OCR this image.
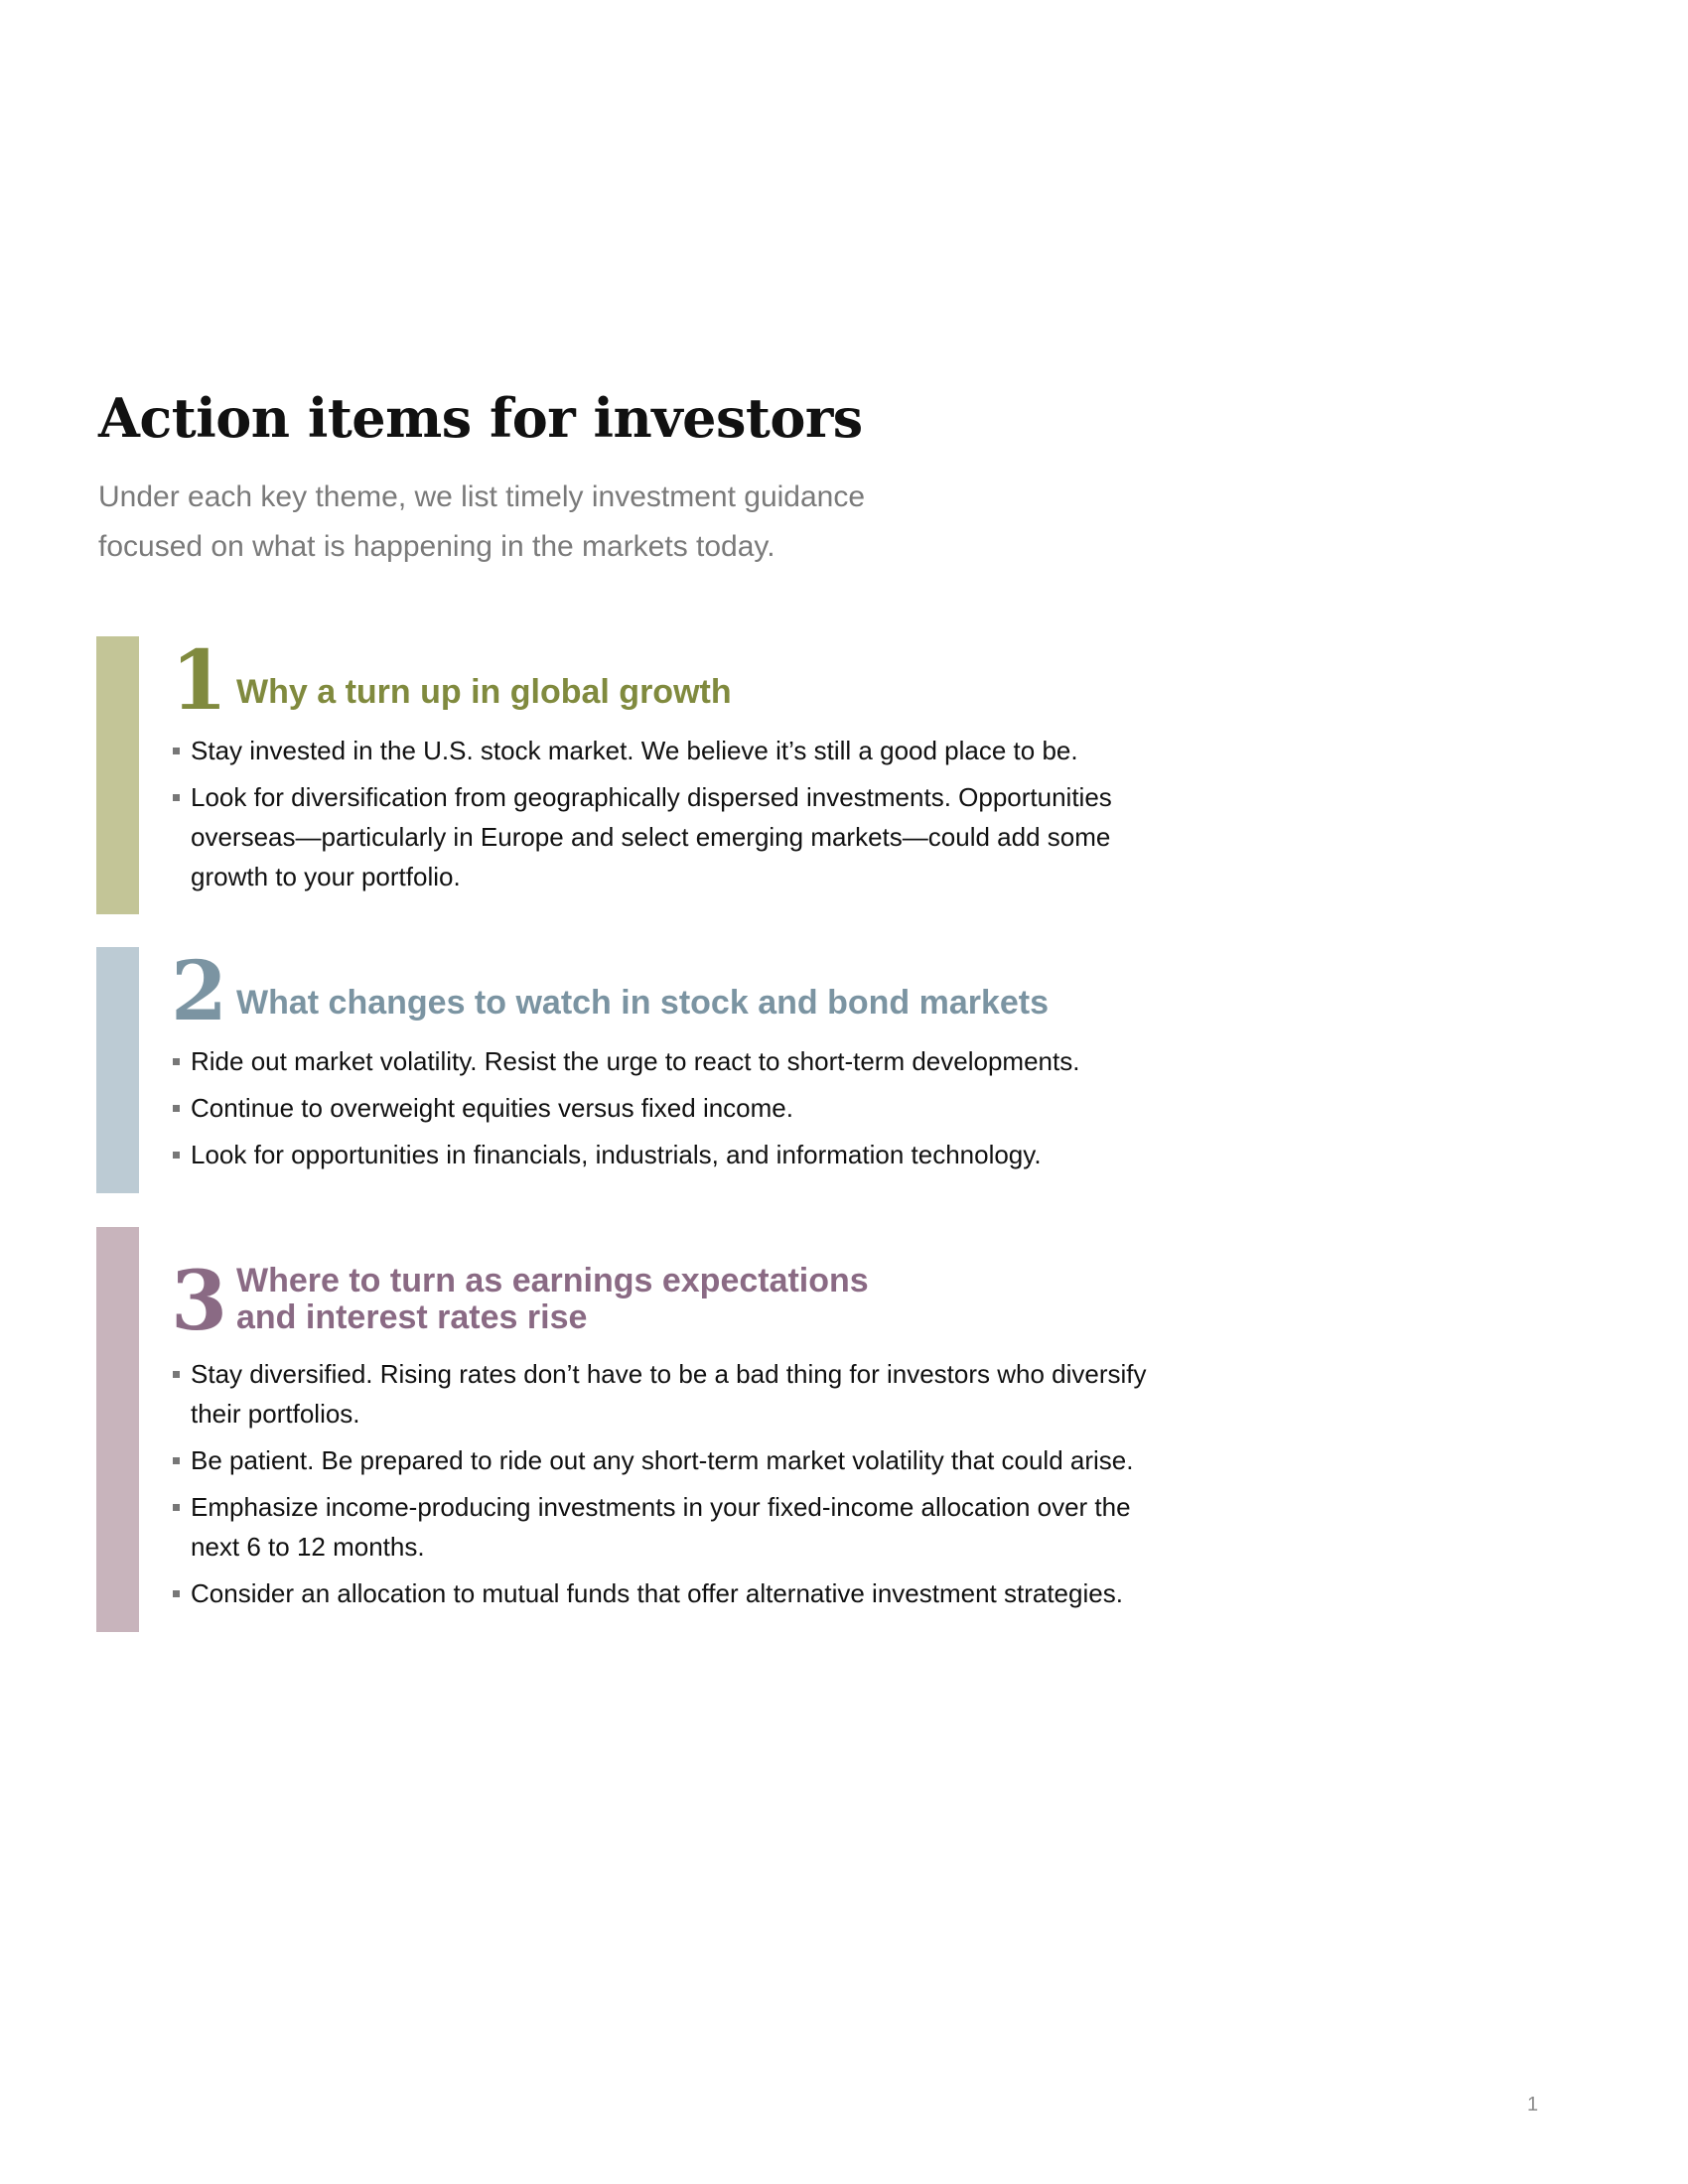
Action items for investors

Under each key theme, we list timely investment guidance
focused on what is happening in the markets today.

1 Why a turn up in global growth
Stay invested in the U.S. stock market. We believe it’s still a good place to be.
Look for diversification from geographically dispersed investments. Opportunities
overseas—particularly in Europe and select emerging markets—could add some
growth to your portfolio.
2 What changes to watch in stock and bond markets
Ride out market volatility. Resist the urge to react to short-term developments.
Continue to overweight equities versus fixed income.
Look for opportunities in financials, industrials, and information technology.
3 Where to turn as earnings expectations
and interest rates rise
Stay diversified. Rising rates don’t have to be a bad thing for investors who diversify
their portfolios.
Be patient. Be prepared to ride out any short-term market volatility that could arise.
Emphasize income-producing investments in your fixed-income allocation over the
next 6 to 12 months.
Consider an allocation to mutual funds that offer alternative investment strategies.
1
